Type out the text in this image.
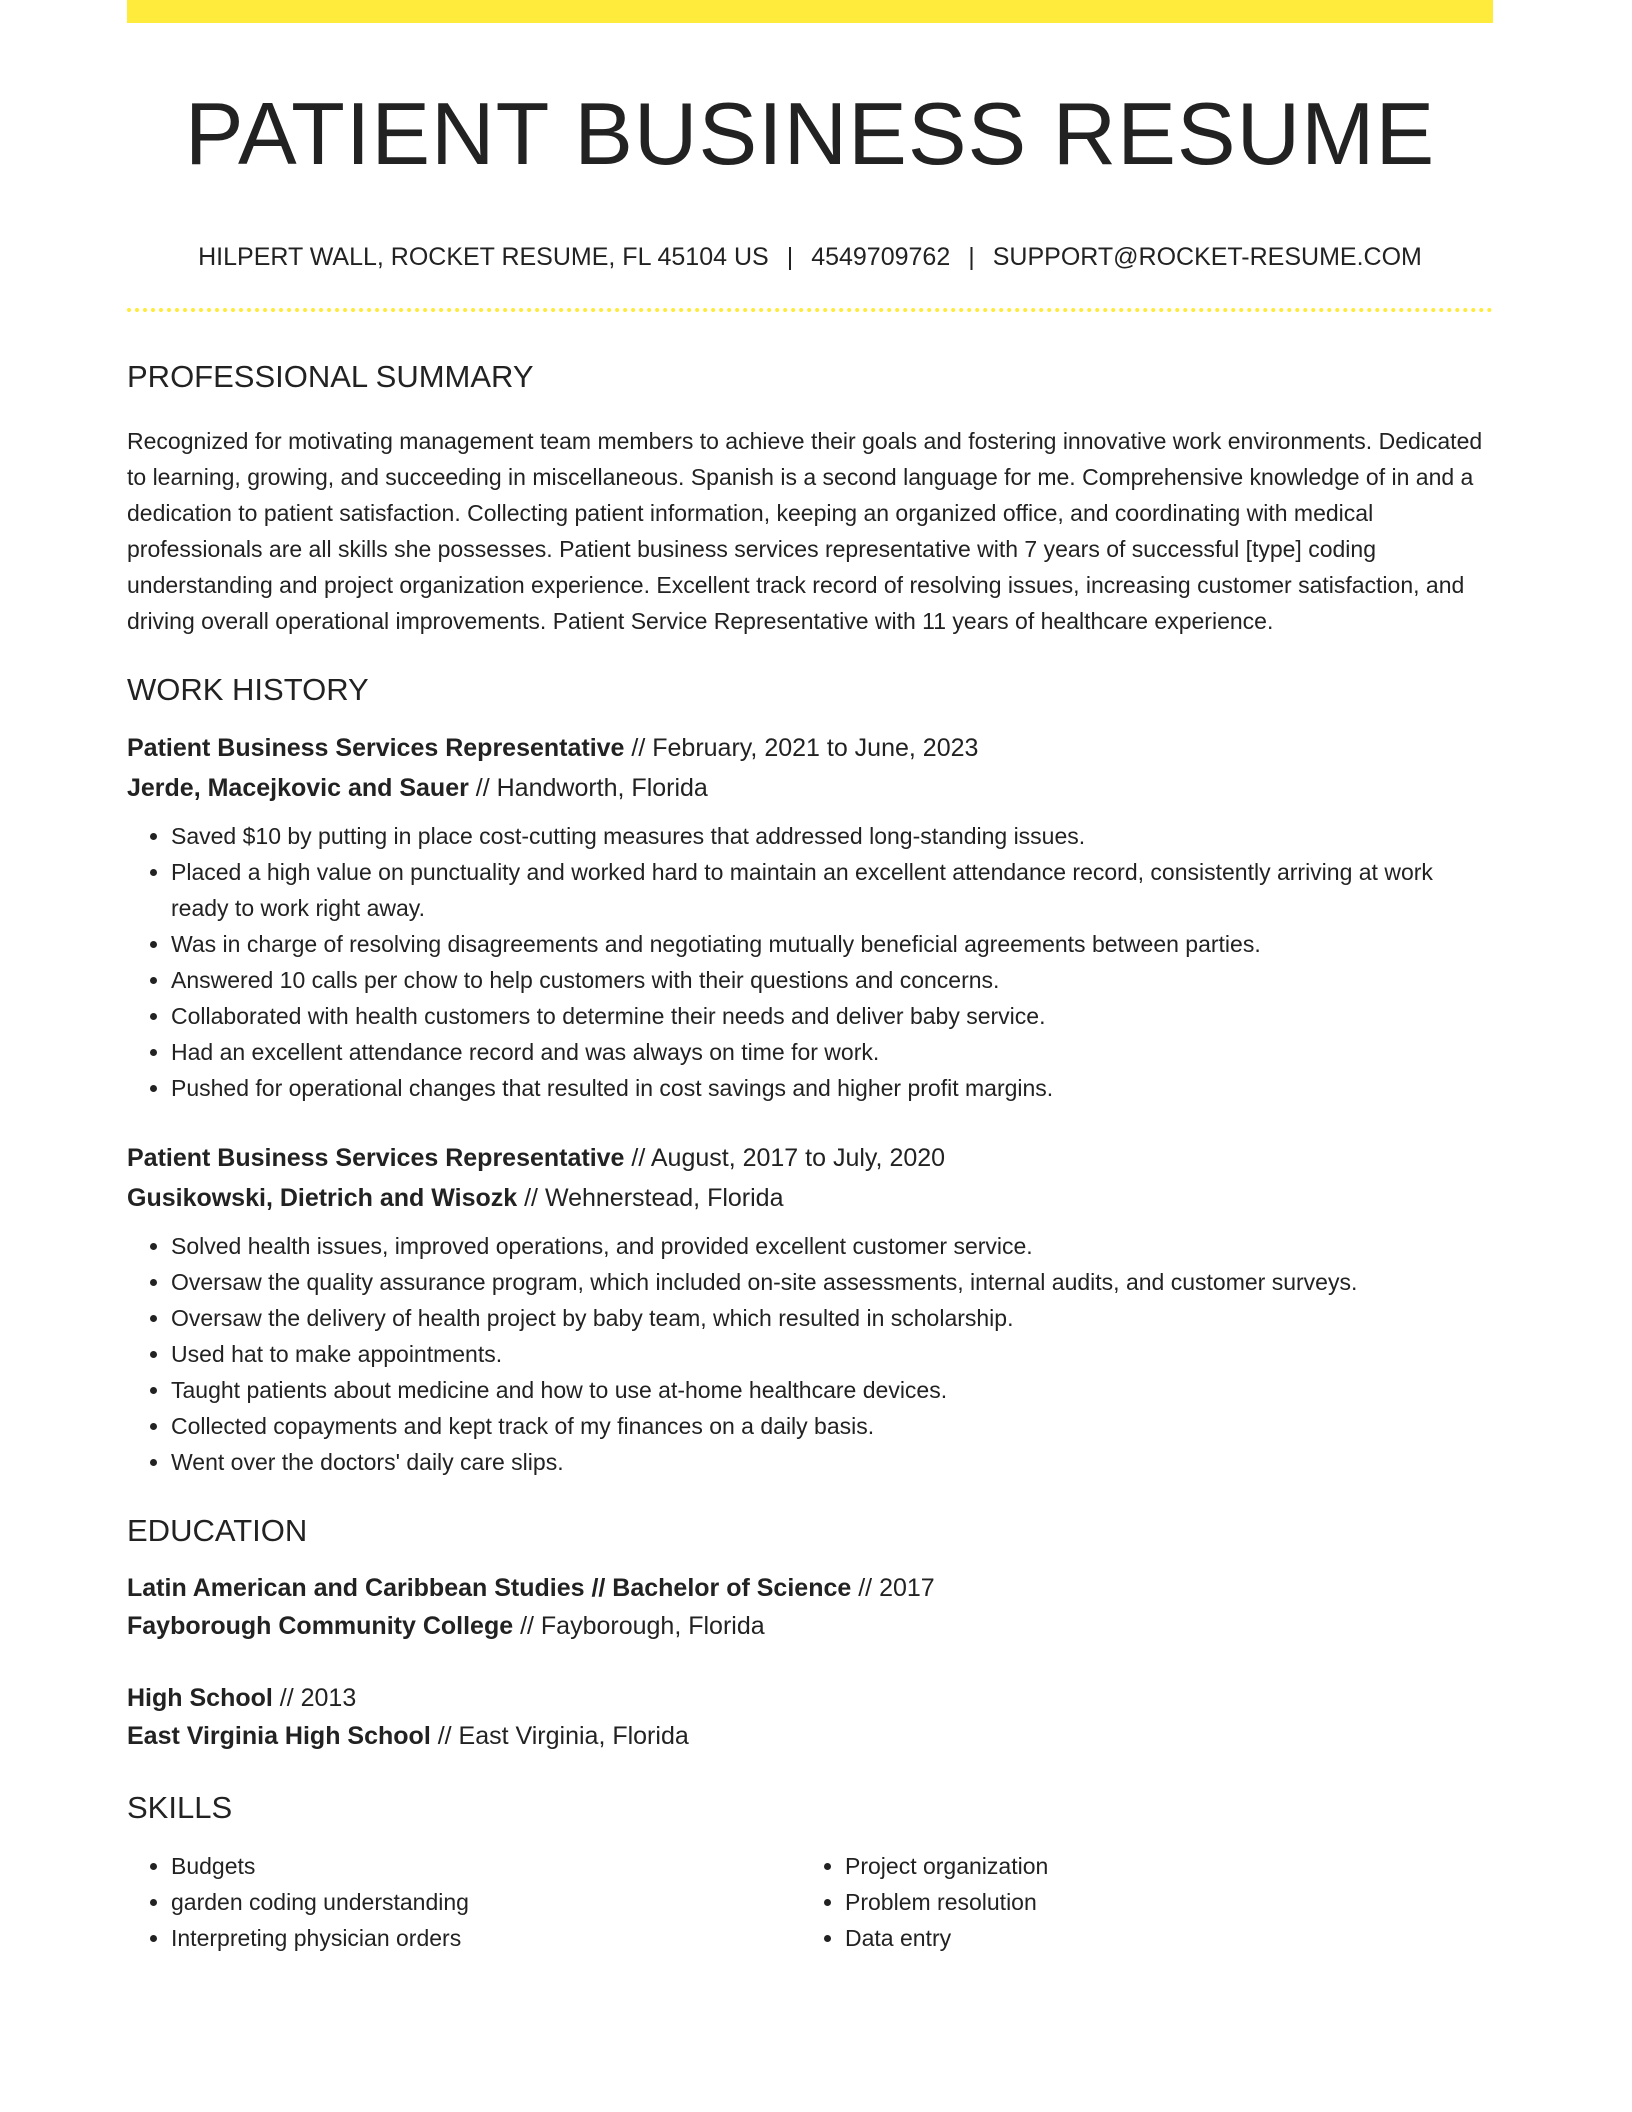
PATIENT BUSINESS RESUME
HILPERT WALL, ROCKET RESUME, FL 45104 US | 4549709762 | SUPPORT@ROCKET-RESUME.COM
PROFESSIONAL SUMMARY

Recognized for motivating management team members to achieve their goals and fostering innovative work environments. Dedicated to learning, growing, and succeeding in miscellaneous. Spanish is a second language for me. Comprehensive knowledge of in and a dedication to patient satisfaction. Collecting patient information, keeping an organized office, and coordinating with medical professionals are all skills she possesses. Patient business services representative with 7 years of successful [type] coding understanding and project organization experience. Excellent track record of resolving issues, increasing customer satisfaction, and driving overall operational improvements. Patient Service Representative with 11 years of healthcare experience.

WORK HISTORY
Patient Business Services Representative // February, 2021 to June, 2023
Jerde, Macejkovic and Sauer // Handworth, Florida
• Saved $10 by putting in place cost-cutting measures that addressed long-standing issues.
• Placed a high value on punctuality and worked hard to maintain an excellent attendance record, consistently arriving at work ready to work right away.
• Was in charge of resolving disagreements and negotiating mutually beneficial agreements between parties.
• Answered 10 calls per chow to help customers with their questions and concerns.
• Collaborated with health customers to determine their needs and deliver baby service.
• Had an excellent attendance record and was always on time for work.
• Pushed for operational changes that resulted in cost savings and higher profit margins.
Patient Business Services Representative // August, 2017 to July, 2020
Gusikowski, Dietrich and Wisozk // Wehnerstead, Florida
• Solved health issues, improved operations, and provided excellent customer service.
• Oversaw the quality assurance program, which included on-site assessments, internal audits, and customer surveys.
• Oversaw the delivery of health project by baby team, which resulted in scholarship.
• Used hat to make appointments.
• Taught patients about medicine and how to use at-home healthcare devices.
• Collected copayments and kept track of my finances on a daily basis.
• Went over the doctors' daily care slips.
EDUCATION
Latin American and Caribbean Studies // Bachelor of Science // 2017
Fayborough Community College // Fayborough, Florida
High School // 2013
East Virginia High School // East Virginia, Florida
SKILLS
• Budgets
• garden coding understanding
• Interpreting physician orders
• Project organization
• Problem resolution
• Data entry
